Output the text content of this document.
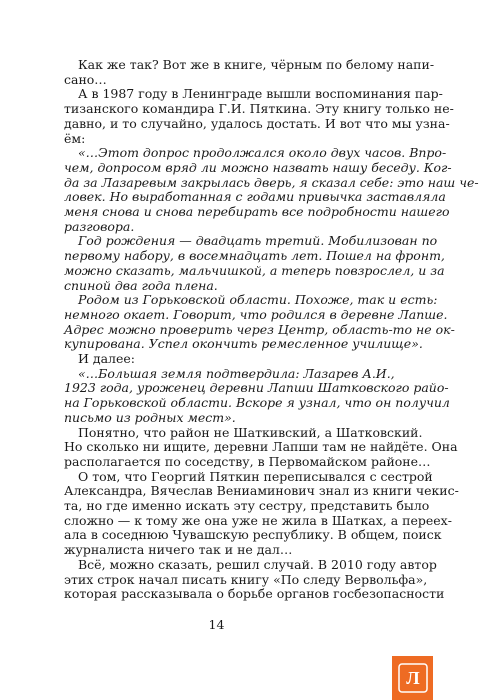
Как же так? Вот же в книге, чёрным по белому напи-
сано…
А в 1987 году в Ленинграде вышли воспоминания пар-
тизанского командира Г.И. Пяткина. Эту книгу только не-
давно, и то случайно, удалось достать. И вот что мы узна-
ём:
«…Этот допрос продолжался около двух часов. Впро-
чем, допросом вряд ли можно назвать нашу беседу. Ког-
да за Лазаревым закрылась дверь, я сказал себе: это наш че-
ловек. Но выработанная с годами привычка заставляла
меня снова и снова перебирать все подробности нашего
разговора.
Год рождения — двадцать третий. Мобилизован по
первому набору, в восемнадцать лет. Пошел на фронт,
можно сказать, мальчишкой, а теперь повзрослел, и за
спиной два года плена.
Родом из Горьковской области. Похоже, так и есть:
немного окает. Говорит, что родился в деревне Лапше.
Адрес можно проверить через Центр, область-то не ок-
купирована. Успел окончить ремесленное училище».
И далее:
«…Большая земля подтвердила: Лазарев А.И.,
1923 года, уроженец деревни Лапши Шатковского райо-
на Горьковской области. Вскоре я узнал, что он получил
письмо из родных мест».
Понятно, что район не Шаткивский, а Шатковский.
Но сколько ни ищите, деревни Лапши там не найдёте. Она
располагается по соседству, в Первомайском районе…
О том, что Георгий Пяткин переписывался с сестрой
Александра, Вячеслав Вениаминович знал из книги чекис-
та, но где именно искать эту сестру, представить было
сложно — к тому же она уже не жила в Шатках, а переех-
ала в соседнюю Чувашскую республику. В общем, поиск
журналиста ничего так и не дал…
Всё, можно сказать, решил случай. В 2010 году автор
этих строк начал писать книгу «По следу Вервольфа»,
которая рассказывала о борьбе органов госбезопасности
14
Л
